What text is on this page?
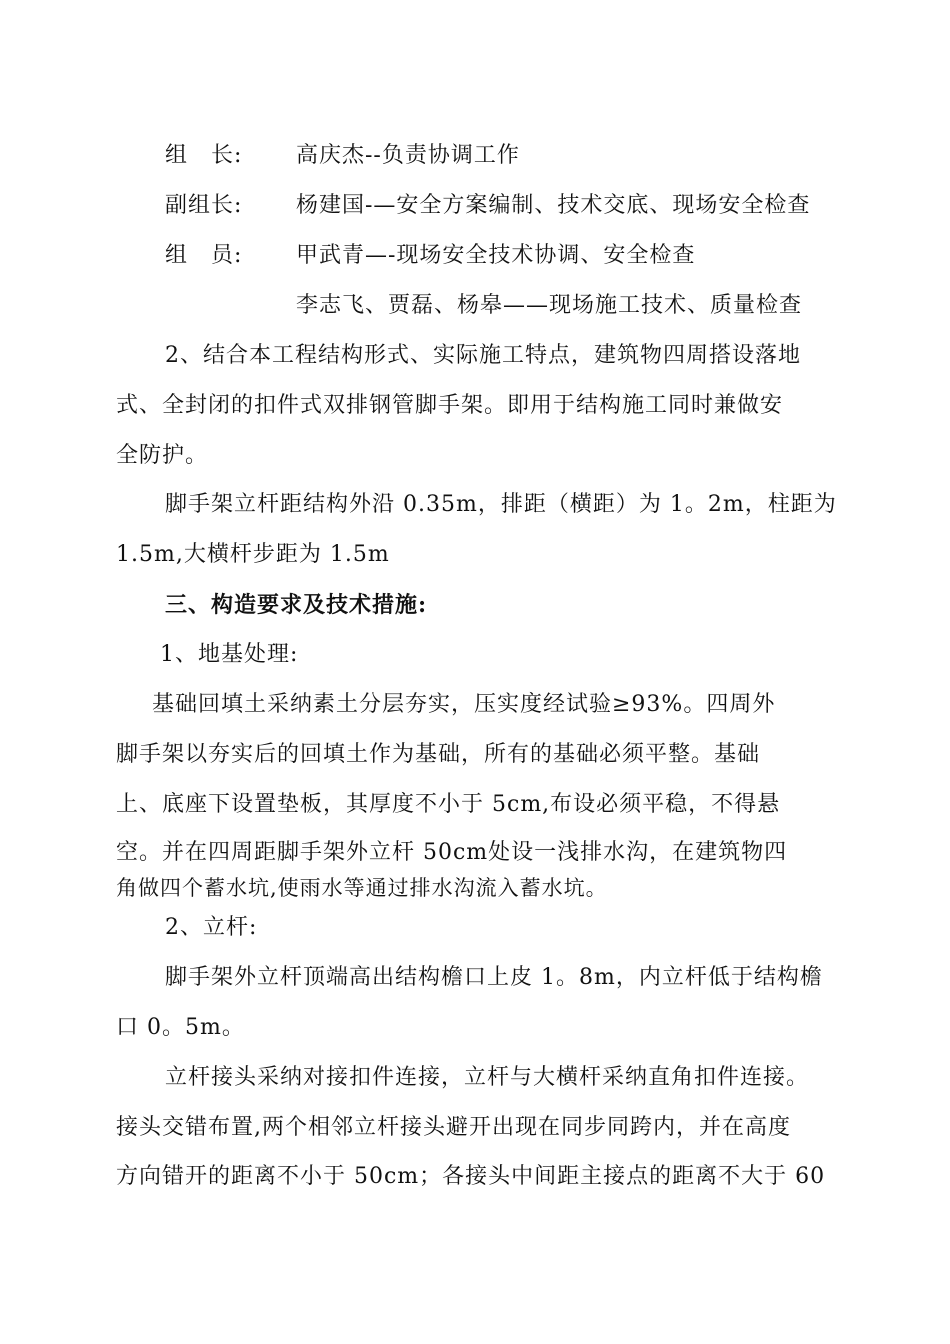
组　长: 高庆杰--负责协调工作
副组长: 杨建国-—安全方案编制、技术交底、现场安全检查
组　员: 甲武青—-现场安全技术协调、安全检查
李志飞、贾磊、杨皋——现场施工技术、质量检查
2、结合本工程结构形式、实际施工特点，建筑物四周搭设落地
式、全封闭的扣件式双排钢管脚手架。即用于结构施工同时兼做安
全防护。
脚手架立杆距结构外沿 0.35m，排距（横距）为 1。2m，柱距为
1.5m,大横杆步距为 1.5m
三、构造要求及技术措施:
1、地基处理:
基础回填土采纳素土分层夯实，压实度经试验≥93%。四周外
脚手架以夯实后的回填土作为基础，所有的基础必须平整。基础
上、底座下设置垫板，其厚度不小于 5cm,布设必须平稳，不得悬
空。并在四周距脚手架外立杆 50cm处设一浅排水沟，在建筑物四
角做四个蓄水坑,使雨水等通过排水沟流入蓄水坑。
2、立杆:
脚手架外立杆顶端高出结构檐口上皮 1。8m，内立杆低于结构檐
口 0。5m。
立杆接头采纳对接扣件连接，立杆与大横杆采纳直角扣件连接。
接头交错布置,两个相邻立杆接头避开出现在同步同跨内，并在高度
方向错开的距离不小于 50cm；各接头中间距主接点的距离不大于 60
